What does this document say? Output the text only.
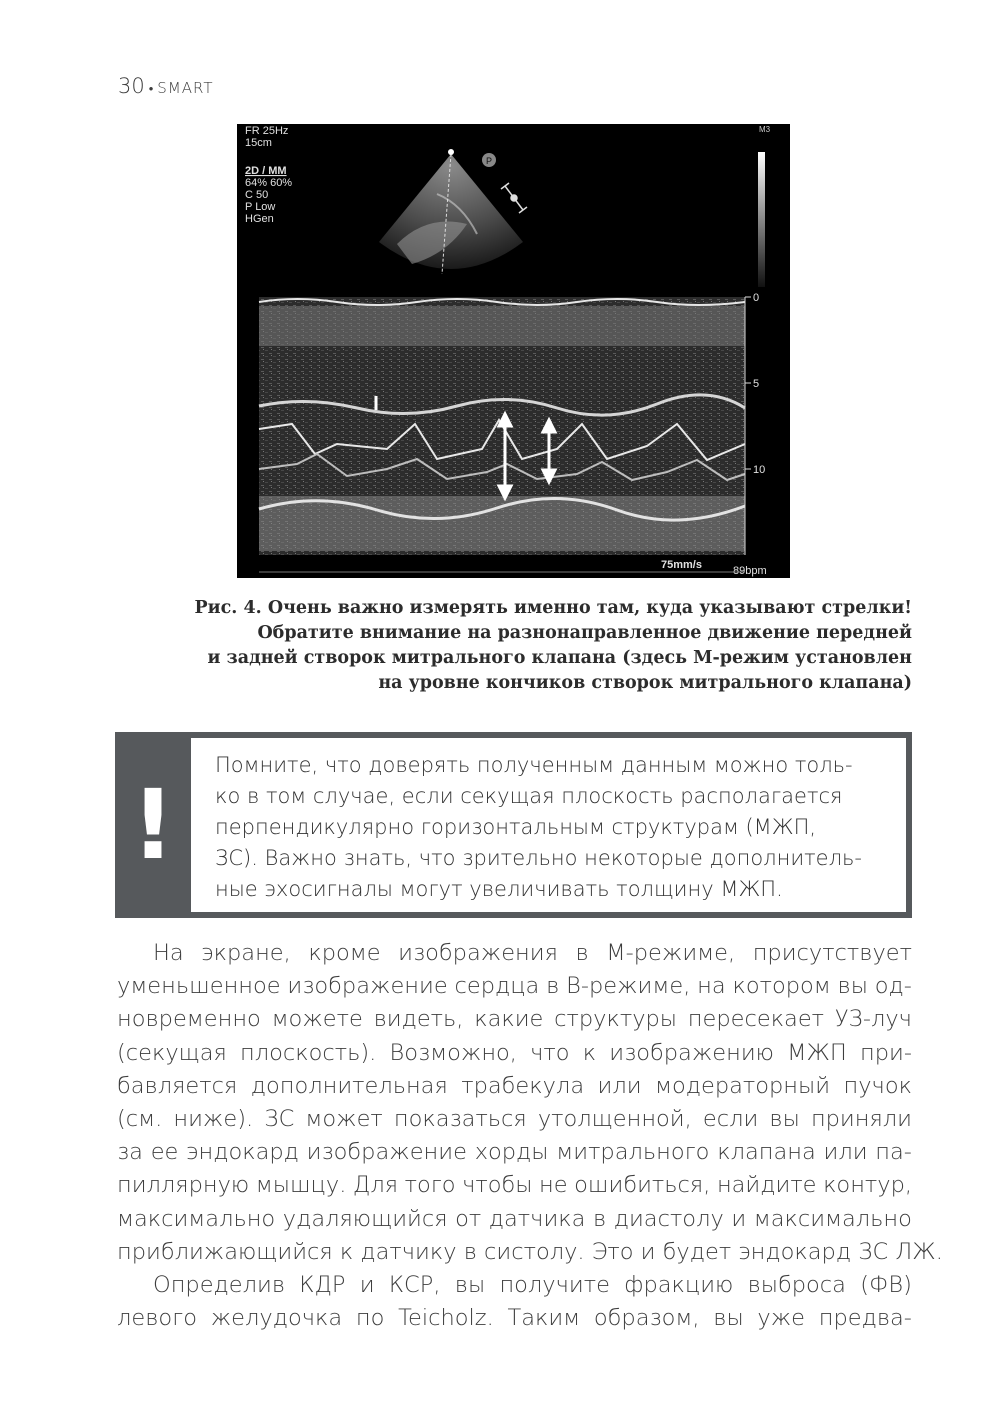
30 • SMART
FR 25Hz
15cm
2D / MM
64% 60%
C 50
P Low
HGen
M3
P
0
5
10
75mm/s	89bpm
Рис. 4. Очень важно измерять именно там, куда указывают стрелки!
Обратите внимание на разнонаправленное движение передней
и задней створок митрального клапана (здесь М-режим установлен
на уровне кончиков створок митрального клапана)
!
Помните, что доверять полученным данным можно толь-
ко в том случае, если секущая плоскость располагается
перпендикулярно горизонтальным структурам (МЖП,
ЗС). Важно знать, что зрительно некоторые дополнитель-
ные эхосигналы могут увеличивать толщину МЖП.
На экране, кроме изображения в М-режиме, присутствует
уменьшенное изображение сердца в В-режиме, на котором вы од-
новременно можете видеть, какие структуры пересекает УЗ-луч
(секущая плоскость). Возможно, что к изображению МЖП при-
бавляется дополнительная трабекула или модераторный пучок
(см. ниже). ЗС может показаться утолщенной, если вы приняли
за ее эндокард изображение хорды митрального клапана или па-
пиллярную мышцу. Для того чтобы не ошибиться, найдите контур,
максимально удаляющийся от датчика в диастолу и максимально
приближающийся к датчику в систолу. Это и будет эндокард ЗС ЛЖ.
Определив КДР и КСР, вы получите фракцию выброса (ФВ)
левого желудочка по Teicholz. Таким образом, вы уже предва-
